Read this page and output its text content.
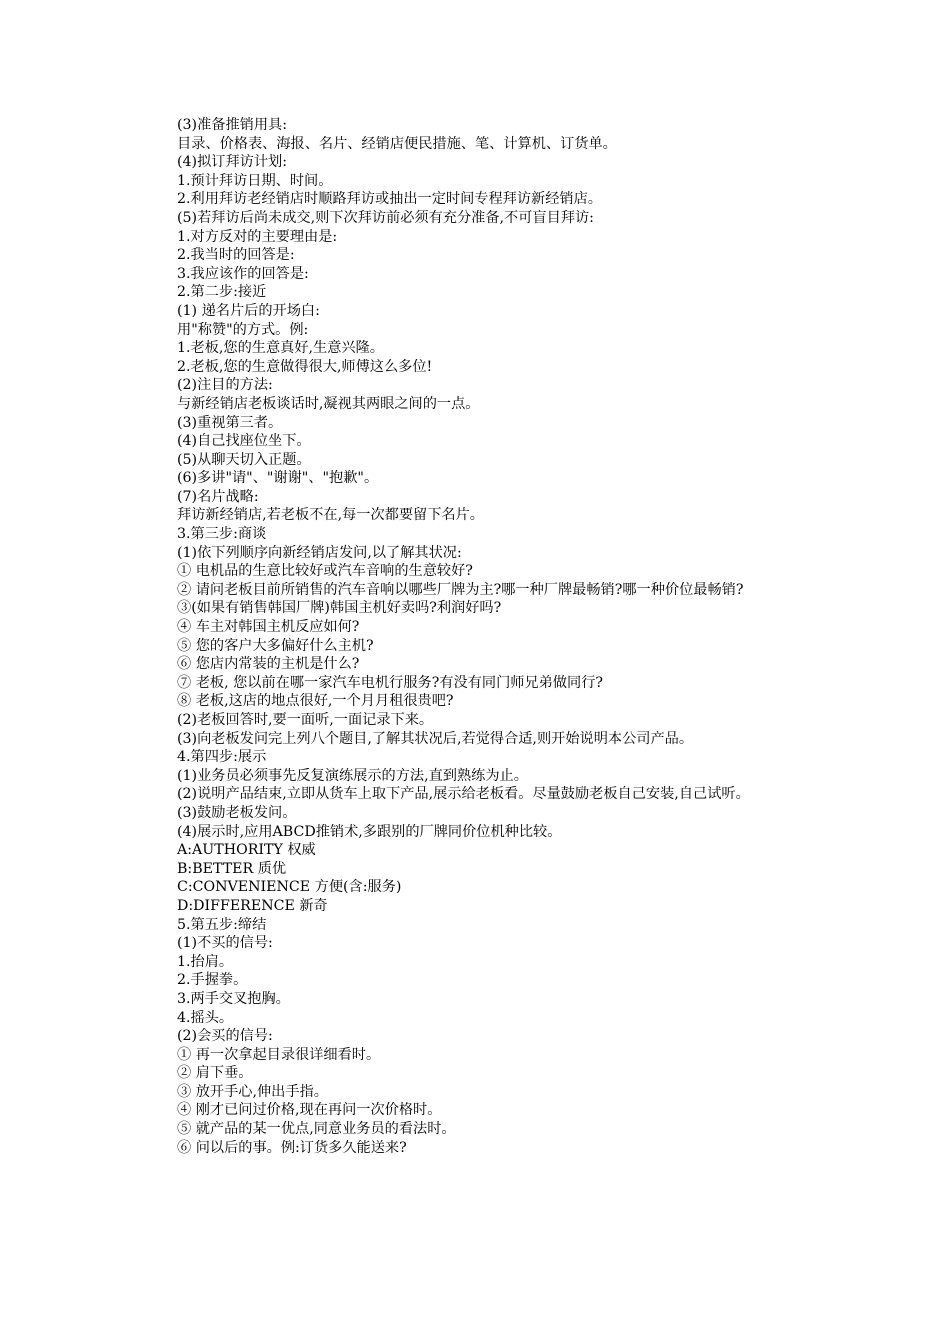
(3)准备推销用具:

目录、价格表、海报、名片、经销店便民措施、笔、计算机、订货单。

(4)拟订拜访计划:

1.预计拜访日期、时间。

2.利用拜访老经销店时顺路拜访或抽出一定时间专程拜访新经销店。

(5)若拜访后尚未成交,则下次拜访前必须有充分准备,不可盲目拜访:

1.对方反对的主要理由是:

2.我当时的回答是:

3.我应该作的回答是:

2.第二步:接近

(1) 递名片后的开场白:

用"称赞"的方式。例:

1.老板,您的生意真好,生意兴隆。

2.老板,您的生意做得很大,师傅这么多位!

(2)注目的方法:

与新经销店老板谈话时,凝视其两眼之间的一点。

(3)重视第三者。

(4)自己找座位坐下。

(5)从聊天切入正题。

(6)多讲"请"、"谢谢"、"抱歉"。

(7)名片战略:

拜访新经销店,若老板不在,每一次都要留下名片。

3.第三步:商谈

(1)依下列顺序向新经销店发问,以了解其状况:

① 电机品的生意比较好或汽车音响的生意较好?

② 请问老板目前所销售的汽车音响以哪些厂牌为主?哪一种厂牌最畅销?哪一种价位最畅销?

③(如果有销售韩国厂牌)韩国主机好卖吗?利润好吗?

④ 车主对韩国主机反应如何?

⑤ 您的客户大多偏好什么主机?

⑥ 您店内常装的主机是什么?

⑦ 老板, 您以前在哪一家汽车电机行服务?有没有同门师兄弟做同行?

⑧ 老板,这店的地点很好,一个月月租很贵吧?

(2)老板回答时,要一面听,一面记录下来。

(3)向老板发问完上列八个题目,了解其状况后,若觉得合适,则开始说明本公司产品。

4.第四步:展示

(1)业务员必须事先反复演练展示的方法,直到熟练为止。

(2)说明产品结束,立即从货车上取下产品,展示给老板看。尽量鼓励老板自己安装,自己试听。

(3)鼓励老板发问。

(4)展示时,应用ABCD推销术,多跟别的厂牌同价位机种比较。

A:AUTHORITY 权威

B:BETTER 质优

C:CONVENIENCE 方便(含:服务)

D:DIFFERENCE 新奇

5.第五步:缔结

(1)不买的信号:

1.抬肩。

2.手握拳。

3.两手交叉抱胸。

4.摇头。

(2)会买的信号:

① 再一次拿起目录很详细看时。

② 肩下垂。

③ 放开手心,伸出手指。

④ 刚才已问过价格,现在再问一次价格时。

⑤ 就产品的某一优点,同意业务员的看法时。

⑥ 问以后的事。例:订货多久能送来?
